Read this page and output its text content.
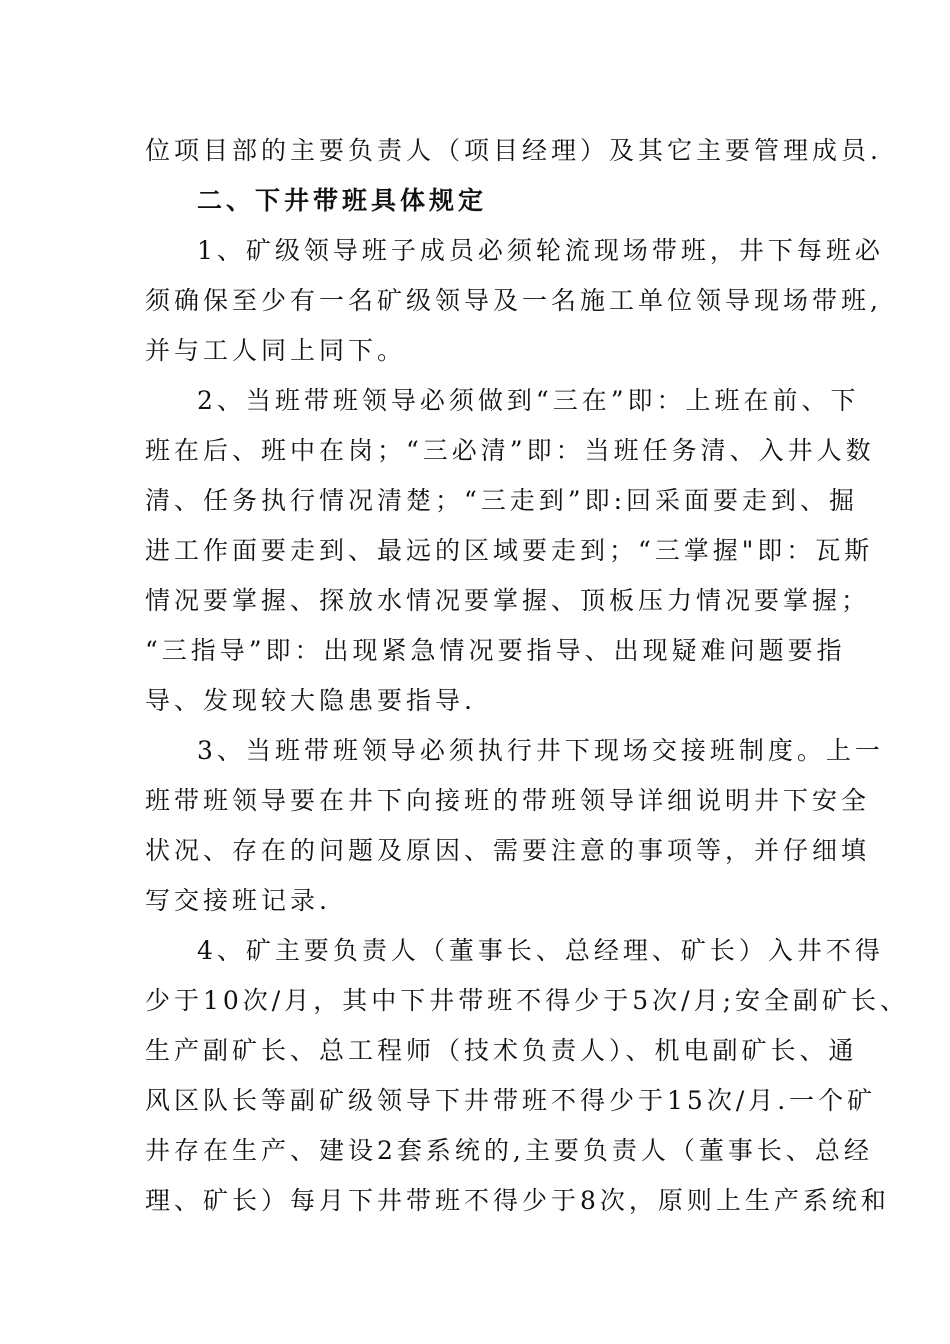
位项目部的主要负责人（项目经理）及其它主要管理成员.
二、下井带班具体规定
1、矿级领导班子成员必须轮流现场带班，井下每班必
须确保至少有一名矿级领导及一名施工单位领导现场带班,
并与工人同上同下。
2、当班带班领导必须做到“三在”即：上班在前、下
班在后、班中在岗；“三必清”即：当班任务清、入井人数
清、任务执行情况清楚；“三走到”即:回采面要走到、掘
进工作面要走到、最远的区域要走到；“三掌握"即：瓦斯
情况要掌握、探放水情况要掌握、顶板压力情况要掌握；
“三指导”即：出现紧急情况要指导、出现疑难问题要指
导、发现较大隐患要指导.
3、当班带班领导必须执行井下现场交接班制度。上一
班带班领导要在井下向接班的带班领导详细说明井下安全
状况、存在的问题及原因、需要注意的事项等，并仔细填
写交接班记录.
4、矿主要负责人（董事长、总经理、矿长）入井不得
少于10次/月，其中下井带班不得少于5次/月;安全副矿长、
生产副矿长、总工程师（技术负责人）、机电副矿长、通
风区队长等副矿级领导下井带班不得少于15次/月.一个矿
井存在生产、建设2套系统的,主要负责人（董事长、总经
理、矿长）每月下井带班不得少于8次，原则上生产系统和
